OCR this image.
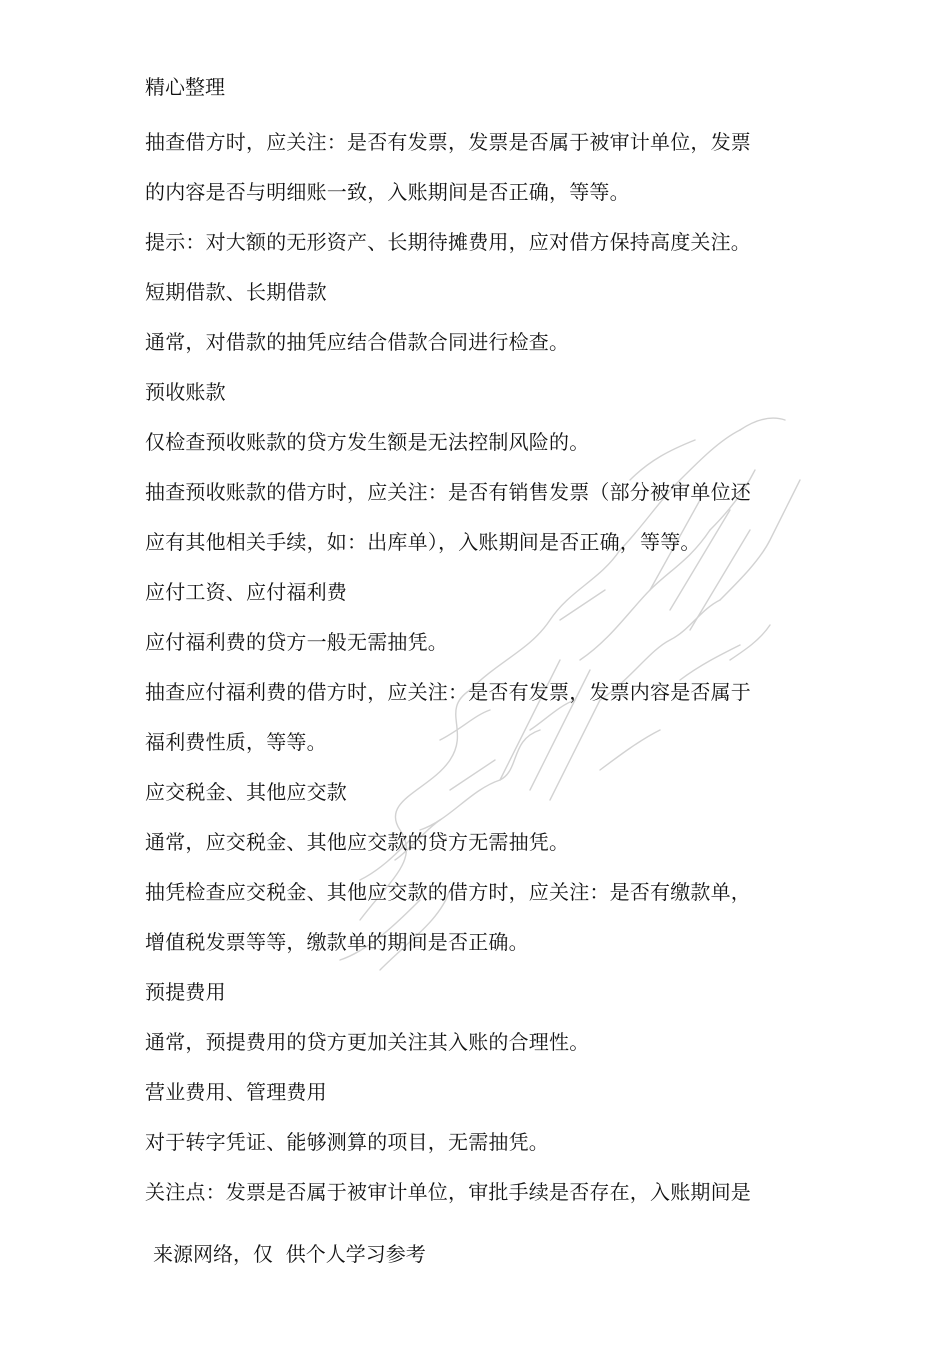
精心整理
抽查借方时，应关注：是否有发票，发票是否属于被审计单位，发票
的内容是否与明细账一致，入账期间是否正确，等等。
提示：对大额的无形资产、长期待摊费用，应对借方保持高度关注。
短期借款、长期借款
通常，对借款的抽凭应结合借款合同进行检查。
预收账款
仅检查预收账款的贷方发生额是无法控制风险的。
抽查预收账款的借方时，应关注：是否有销售发票（部分被审单位还
应有其他相关手续，如：出库单），入账期间是否正确，等等。
应付工资、应付福利费
应付福利费的贷方一般无需抽凭。
抽查应付福利费的借方时，应关注：是否有发票，发票内容是否属于
福利费性质，等等。
应交税金、其他应交款
通常，应交税金、其他应交款的贷方无需抽凭。
抽凭检查应交税金、其他应交款的借方时，应关注：是否有缴款单，
增值税发票等等，缴款单的期间是否正确。
预提费用
通常，预提费用的贷方更加关注其入账的合理性。
营业费用、管理费用
对于转字凭证、能够测算的项目，无需抽凭。
关注点：发票是否属于被审计单位，审批手续是否存在，入账期间是
来源网络，仅  供个人学习参考
